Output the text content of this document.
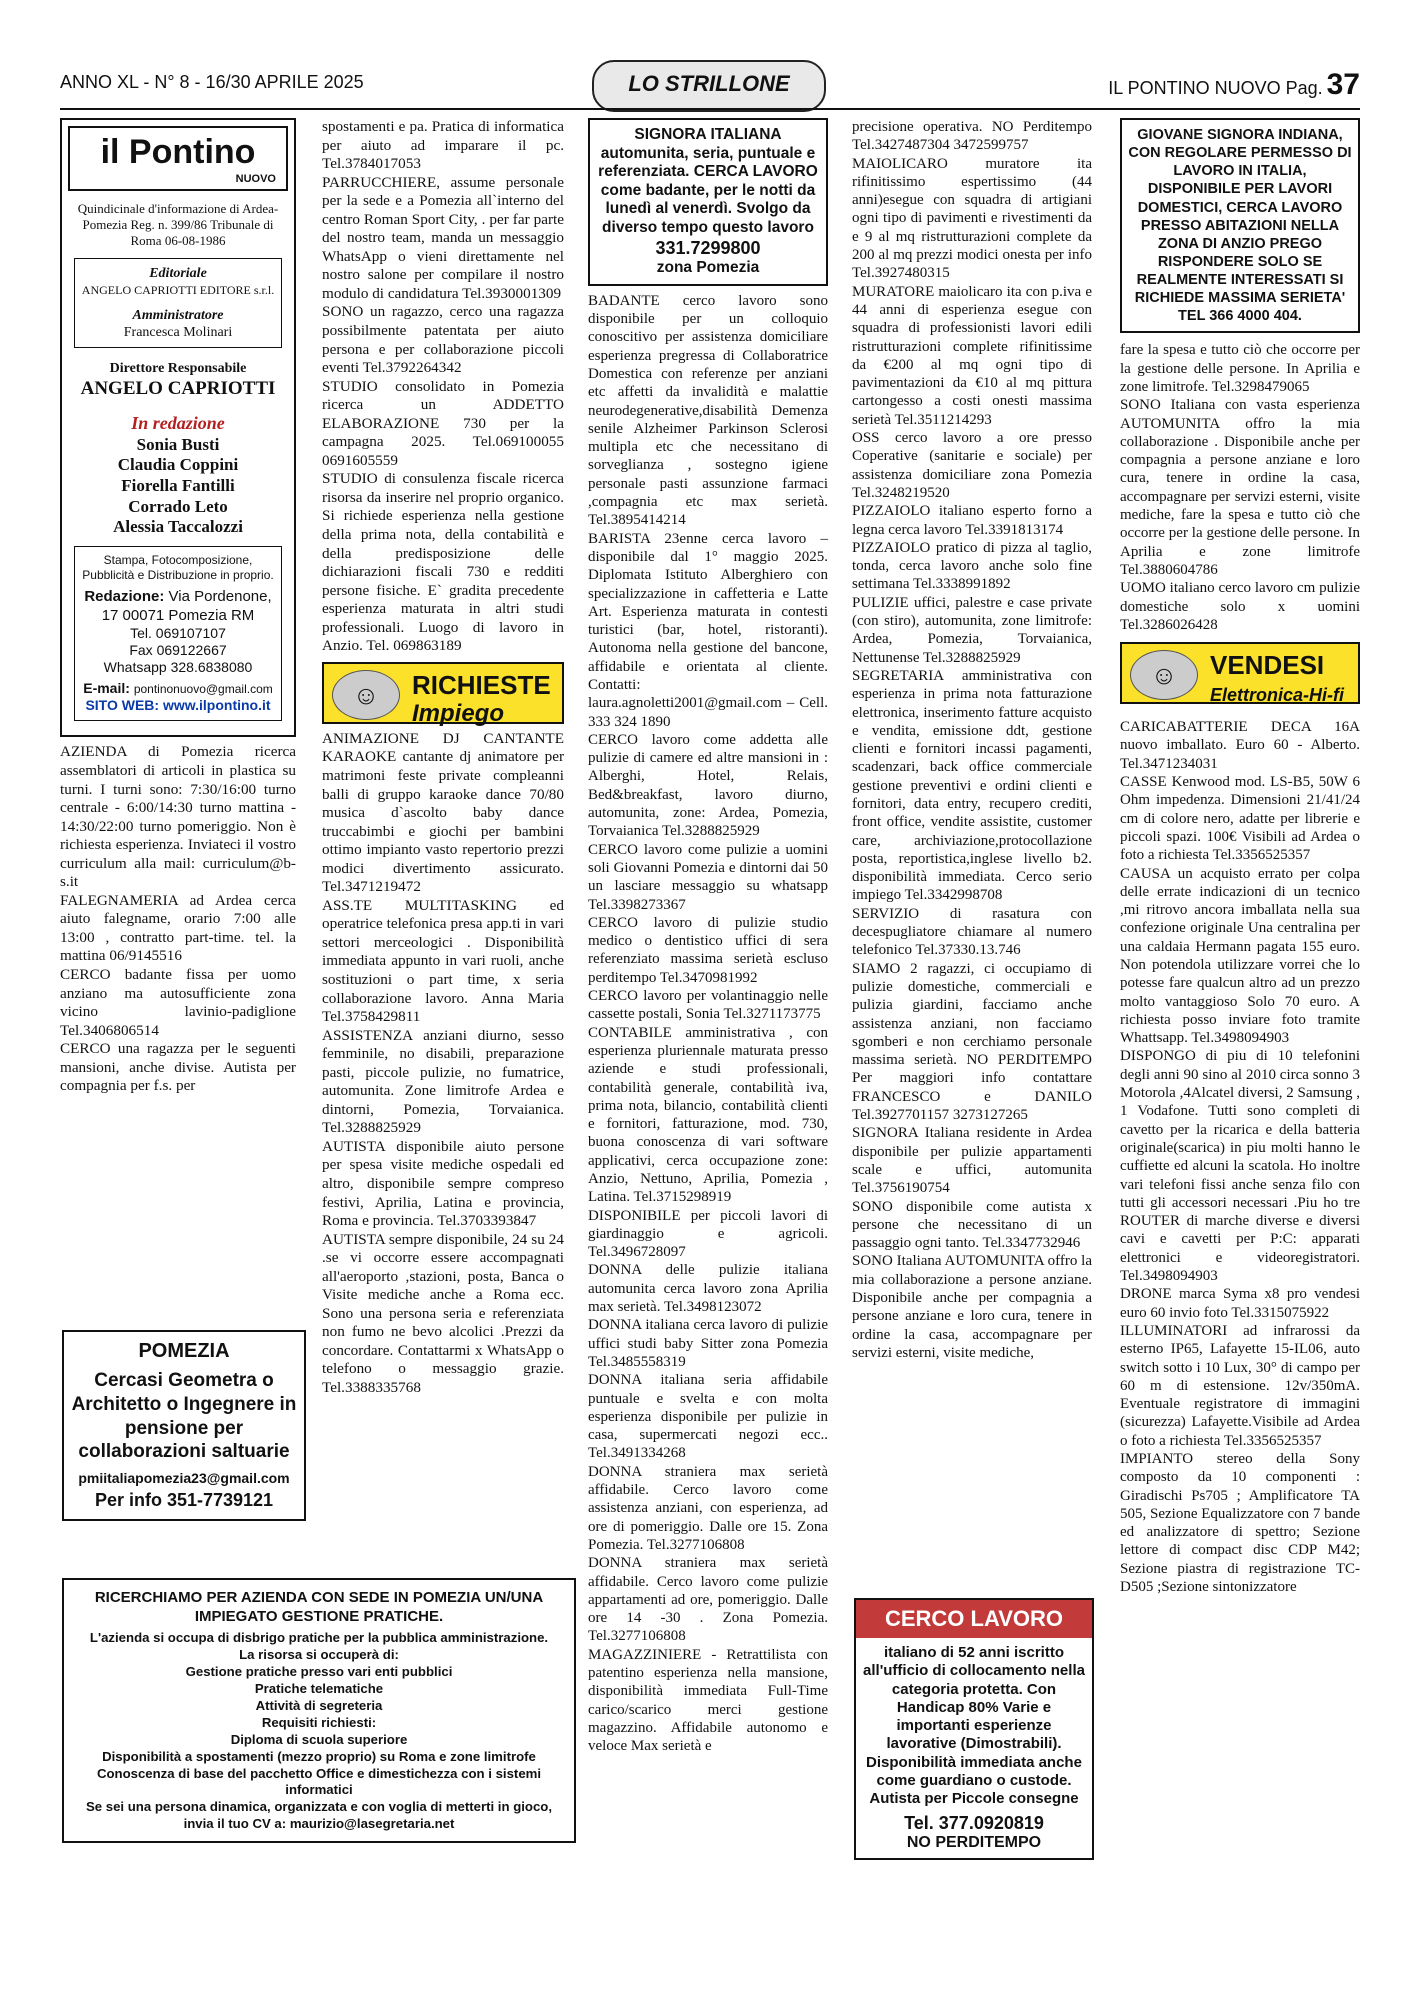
ANNO XL - N° 8 - 16/30 APRILE 2025	IL PONTINO NUOVO Pag. 37
LO STRILLONE
il Pontino
NUOVO

Quindicinale d'informazione di Ardea-Pomezia Reg. n. 399/86 Tribunale di Roma 06-08-1986

Editoriale

ANGELO CAPRIOTTI EDITORE s.r.l.

Amministratore

Francesca Molinari

Direttore Responsabile

ANGELO CAPRIOTTI

In redazione

Sonia Busti

Claudia Coppini

Fiorella Fantilli

Corrado Leto

Alessia Taccalozzi

Stampa, Fotocomposizione, Pubblicità e Distribuzione in proprio.

Redazione: Via Pordenone, 17 00071 Pomezia RM

Tel. 069107107

Fax 069122667

Whatsapp 328.6838080

E-mail: pontinonuovo@gmail.com

SITO WEB: www.ilpontino.it

AZIENDA di Pomezia ricerca assemblatori di articoli in plastica su turni. I turni sono: 7:30/16:00 turno centrale - 6:00/14:30 turno mattina - 14:30/22:00 turno pomeriggio. Non è richiesta esperienza. Inviateci il vostro curriculum alla mail: curriculum@b-s.it

FALEGNAMERIA ad Ardea cerca aiuto falegname, orario 7:00 alle 13:00 , contratto part-time. tel. la mattina 06/9145516

CERCO badante fissa per uomo anziano ma autosufficiente zona vicino lavinio-padiglione Tel.3406806514

CERCO una ragazza per le seguenti mansioni, anche divise. Autista per compagnia per f.s. per

POMEZIA

Cercasi Geometra o Architetto o Ingegnere in pensione per collaborazioni saltuarie

pmiitaliapomezia23@gmail.com

Per info 351-7739121

RICERCHIAMO PER AZIENDA CON SEDE IN POMEZIA UN/UNA IMPIEGATO GESTIONE PRATICHE.

L'azienda si occupa di disbrigo pratiche per la pubblica amministrazione.

La risorsa si occuperà di:

Gestione pratiche presso vari enti pubblici

Pratiche telematiche

Attività di segreteria

Requisiti richiesti:

Diploma di scuola superiore

Disponibilità a spostamenti (mezzo proprio) su Roma e zone limitrofe

Conoscenza di base del pacchetto Office e dimestichezza con i sistemi informatici

Se sei una persona dinamica, organizzata e con voglia di metterti in gioco, invia il tuo CV a: maurizio@lasegretaria.net

spostamenti e pa. Pratica di informatica per aiuto ad imparare il pc. Tel.3784017053

PARRUCCHIERE, assume personale per la sede e a Pomezia all`interno del centro Roman Sport City, . per far parte del nostro team, manda un messaggio WhatsApp o vieni direttamente nel nostro salone per compilare il nostro modulo di candidatura Tel.3930001309

SONO un ragazzo, cerco una ragazza possibilmente patentata per aiuto persona e per collaborazione piccoli eventi Tel.3792264342

STUDIO consolidato in Pomezia ricerca un ADDETTO ELABORAZIONE 730 per la campagna 2025. Tel.069100055 0691605559

STUDIO di consulenza fiscale ricerca risorsa da inserire nel proprio organico. Si richiede esperienza nella gestione della prima nota, della contabilità e della predisposizione delle dichiarazioni fiscali 730 e redditi persone fisiche. E` gradita precedente esperienza maturata in altri studi professionali. Luogo di lavoro in Anzio. Tel. 069863189

☺	RICHIESTE
Impiego

ANIMAZIONE DJ CANTANTE KARAOKE cantante dj animatore per matrimoni feste private compleanni balli di gruppo karaoke dance 70/80 musica d`ascolto baby dance truccabimbi e giochi per bambini ottimo impianto vasto repertorio prezzi modici divertimento assicurato. Tel.3471219472

ASS.TE MULTITASKING ed operatrice telefonica presa app.ti in vari settori merceologici . Disponibilità immediata appunto in vari ruoli, anche sostituzioni o part time, x seria collaborazione lavoro. Anna Maria Tel.3758429811

ASSISTENZA anziani diurno, sesso femminile, no disabili, preparazione pasti, piccole pulizie, no fumatrice, automunita. Zone limitrofe Ardea e dintorni, Pomezia, Torvaianica. Tel.3288825929

AUTISTA disponibile aiuto persone per spesa visite mediche ospedali ed altro, disponibile sempre compreso festivi, Aprilia, Latina e provincia, Roma e provincia. Tel.3703393847

AUTISTA sempre disponibile, 24 su 24 .se vi occorre essere accompagnati all'aeroporto ,stazioni, posta, Banca o Visite mediche anche a Roma ecc. Sono una persona seria e referenziata non fumo ne bevo alcolici .Prezzi da concordare. Contattarmi x WhatsApp o telefono o messaggio grazie. Tel.3388335768

SIGNORA ITALIANA automunita, seria, puntuale e referenziata. CERCA LAVORO come badante, per le notti da lunedì al venerdì. Svolgo da diverso tempo questo lavoro

331.7299800

zona Pomezia

BADANTE cerco lavoro sono disponibile per un colloquio conoscitivo per assistenza domiciliare esperienza pregressa di Collaboratrice Domestica con referenze per anziani etc affetti da invalidità e malattie neurodegenerative,disabilità Demenza senile Alzheimer Parkinson Sclerosi multipla etc che necessitano di sorveglianza , sostegno igiene personale pasti assunzione farmaci ,compagnia etc max serietà. Tel.3895414214

BARISTA 23enne cerca lavoro – disponibile dal 1° maggio 2025. Diplomata Istituto Alberghiero con specializzazione in caffetteria e Latte Art. Esperienza maturata in contesti turistici (bar, hotel, ristoranti). Autonoma nella gestione del bancone, affidabile e orientata al cliente. Contatti: laura.agnoletti2001@gmail.com – Cell. 333 324 1890

CERCO lavoro come addetta alle pulizie di camere ed altre mansioni in : Alberghi, Hotel, Relais, Bed&breakfast, lavoro diurno, automunita, zone: Ardea, Pomezia, Torvaianica Tel.3288825929

CERCO lavoro come pulizie a uomini soli Giovanni Pomezia e dintorni dai 50 un lasciare messaggio su whatsapp Tel.3398273367

CERCO lavoro di pulizie studio medico o dentistico uffici di sera referenziato massima serietà escluso perditempo Tel.3470981992

CERCO lavoro per volantinaggio nelle cassette postali, Sonia Tel.3271173775

CONTABILE amministrativa , con esperienza pluriennale maturata presso aziende e studi professionali, contabilità generale, contabilità iva, prima nota, bilancio, contabilità clienti e fornitori, fatturazione, mod. 730, buona conoscenza di vari software applicativi, cerca occupazione zone: Anzio, Nettuno, Aprilia, Pomezia , Latina. Tel.3715298919

DISPONIBILE per piccoli lavori di giardinaggio e agricoli. Tel.3496728097

DONNA delle pulizie italiana automunita cerca lavoro zona Aprilia max serietà. Tel.3498123072

DONNA italiana cerca lavoro di pulizie uffici studi baby Sitter zona Pomezia Tel.3485558319

DONNA italiana seria affidabile puntuale e svelta e con molta esperienza disponibile per pulizie in casa, supermercati negozi ecc.. Tel.3491334268

DONNA straniera max serietà affidabile. Cerco lavoro come assistenza anziani, con esperienza, ad ore di pomeriggio. Dalle ore 15. Zona Pomezia. Tel.3277106808

DONNA straniera max serietà affidabile. Cerco lavoro come pulizie appartamenti ad ore, pomeriggio. Dalle ore 14 -30 . Zona Pomezia. Tel.3277106808

MAGAZZINIERE - Retrattilista con patentino esperienza nella mansione, disponibilità immediata Full-Time carico/scarico merci gestione magazzino. Affidabile autonomo e veloce Max serietà e

precisione operativa. NO Perditempo Tel.3427487304 3472599757

MAIOLICARO muratore ita rifinitissimo espertissimo (44 anni)esegue con squadra di artigiani ogni tipo di pavimenti e rivestimenti da e 9 al mq ristrutturazioni complete da 200 al mq prezzi modici onesta per info Tel.3927480315

MURATORE maiolicaro ita con p.iva e 44 anni di esperienza esegue con squadra di professionisti lavori edili ristrutturazioni complete rifinitissime da €200 al mq ogni tipo di pavimentazioni da €10 al mq pittura cartongesso a costi onesti massima serietà Tel.3511214293

OSS cerco lavoro a ore presso Coperative (sanitarie e sociale) per assistenza domiciliare zona Pomezia Tel.3248219520

PIZZAIOLO italiano esperto forno a legna cerca lavoro Tel.3391813174

PIZZAIOLO pratico di pizza al taglio, tonda, cerca lavoro anche solo fine settimana Tel.3338991892

PULIZIE uffici, palestre e case private (con stiro), automunita, zone limitrofe: Ardea, Pomezia, Torvaianica, Nettunense Tel.3288825929

SEGRETARIA amministrativa con esperienza in prima nota fatturazione elettronica, inserimento fatture acquisto e vendita, emissione ddt, gestione clienti e fornitori incassi pagamenti, scadenzari, back office commerciale gestione preventivi e ordini clienti e fornitori, data entry, recupero crediti, front office, vendite assistite, customer care, archiviazione,protocollazione posta, reportistica,inglese livello b2. disponibilità immediata. Cerco serio impiego Tel.3342998708

SERVIZIO di rasatura con decespugliatore chiamare al numero telefonico Tel.37330.13.746

SIAMO 2 ragazzi, ci occupiamo di pulizie domestiche, commerciali e pulizia giardini, facciamo anche assistenza anziani, non facciamo sgomberi e non cerchiamo personale massima serietà. NO PERDITEMPO Per maggiori info contattare FRANCESCO e DANILO Tel.3927701157 3273127265

SIGNORA Italiana residente in Ardea disponibile per pulizie appartamenti scale e uffici, automunita Tel.3756190754

SONO disponibile come autista x persone che necessitano di un passaggio ogni tanto. Tel.3347732946

SONO Italiana AUTOMUNITA offro la mia collaborazione a persone anziane. Disponibile anche per compagnia a persone anziane e loro cura, tenere in ordine la casa, accompagnare per servizi esterni, visite mediche,

CERCO LAVORO

italiano di 52 anni iscritto all'ufficio di collocamento nella categoria protetta. Con Handicap 80% Varie e importanti esperienze lavorative (Dimostrabili). Disponibilità immediata anche come guardiano o custode. Autista per Piccole consegne

Tel. 377.0920819

NO PERDITEMPO

GIOVANE SIGNORA INDIANA, CON REGOLARE PERMESSO DI LAVORO IN ITALIA, DISPONIBILE PER LAVORI DOMESTICI, CERCA LAVORO PRESSO ABITAZIONI NELLA ZONA DI ANZIO PREGO RISPONDERE SOLO SE REALMENTE INTERESSATI SI RICHIEDE MASSIMA SERIETA' TEL 366 4000 404.

fare la spesa e tutto ciò che occorre per la gestione delle persone. In Aprilia e zone limitrofe. Tel.3298479065

SONO Italiana con vasta esperienza AUTOMUNITA offro la mia collaborazione . Disponibile anche per compagnia a persone anziane e loro cura, tenere in ordine la casa, accompagnare per servizi esterni, visite mediche, fare la spesa e tutto ciò che occorre per la gestione delle persone. In Aprilia e zone limitrofe Tel.3880604786

UOMO italiano cerco lavoro cm pulizie domestiche solo x uomini Tel.3286026428

☺	VENDESI
Elettronica-Hi-fi

CARICABATTERIE DECA 16A nuovo imballato. Euro 60 - Alberto. Tel.3471234031

CASSE Kenwood mod. LS-B5, 50W 6 Ohm impedenza. Dimensioni 21/41/24 cm di colore nero, adatte per librerie e piccoli spazi. 100€ Visibili ad Ardea o foto a richiesta Tel.3356525357

CAUSA un acquisto errato per colpa delle errate indicazioni di un tecnico ,mi ritrovo ancora imballata nella sua confezione originale Una centralina per una caldaia Hermann pagata 155 euro. Non potendola utilizzare vorrei che lo potesse fare qualcun altro ad un prezzo molto vantaggioso Solo 70 euro. A richiesta posso inviare foto tramite Whattsapp. Tel.3498094903

DISPONGO di piu di 10 telefonini degli anni 90 sino al 2010 circa sonno 3 Motorola ,4Alcatel diversi, 2 Samsung , 1 Vodafone. Tutti sono completi di cavetto per la ricarica e della batteria originale(scarica) in piu molti hanno le cuffiette ed alcuni la scatola. Ho inoltre vari telefoni fissi anche senza filo con tutti gli accessori necessari .Piu ho tre ROUTER di marche diverse e diversi cavi e cavetti per P:C: apparati elettronici e videoregistratori. Tel.3498094903

DRONE marca Syma x8 pro vendesi euro 60 invio foto Tel.3315075922

ILLUMINATORI ad infrarossi da esterno IP65, Lafayette 15-IL06, auto switch sotto i 10 Lux, 30° di campo per 60 m di estensione. 12v/350mA. Eventuale registratore di immagini (sicurezza) Lafayette.Visibile ad Ardea o foto a richiesta Tel.3356525357

IMPIANTO stereo della Sony composto da 10 componenti : Giradischi Ps705 ; Amplificatore TA 505, Sezione Equalizzatore con 7 bande ed analizzatore di spettro; Sezione lettore di compact disc CDP M42; Sezione piastra di registrazione TC-D505 ;Sezione sintonizzatore
